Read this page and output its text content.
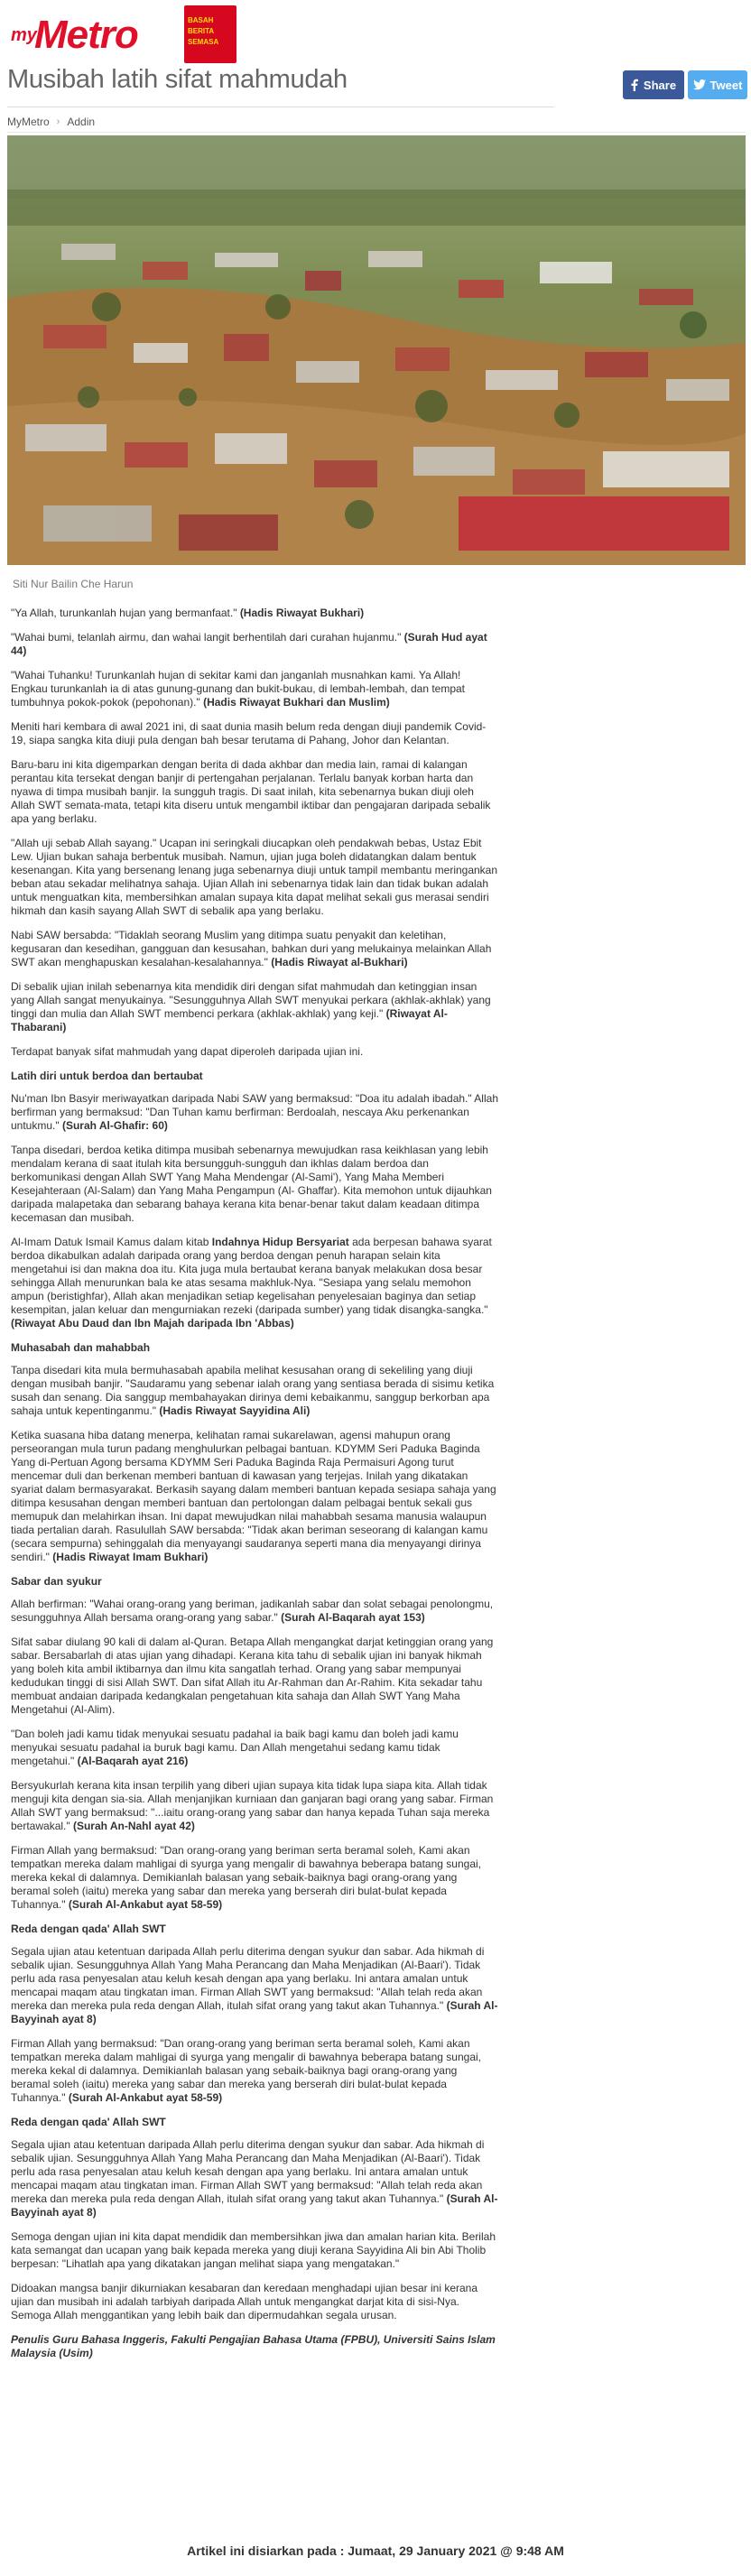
my
Metro	BASAH
BERITA
SEMASA
Musibah latih sifat mahmudah	Share	Tweet
MyMetro › Addin
Siti Nur Bailin Che Harun

"Ya Allah, turunkanlah hujan yang bermanfaat." (Hadis Riwayat Bukhari)

"Wahai bumi, telanlah airmu, dan wahai langit berhentilah dari curahan hujanmu." (Surah Hud ayat 44)

"Wahai Tuhanku! Turunkanlah hujan di sekitar kami dan janganlah musnahkan kami. Ya Allah! Engkau turunkanlah ia di atas gunung-gunang dan bukit-bukau, di lembah-lembah, dan tempat tumbuhnya pokok-pokok (pepohonan)." (Hadis Riwayat Bukhari dan Muslim)

Meniti hari kembara di awal 2021 ini, di saat dunia masih belum reda dengan diuji pandemik Covid-19, siapa sangka kita diuji pula dengan bah besar terutama di Pahang, Johor dan Kelantan.

Baru-baru ini kita digemparkan dengan berita di dada akhbar dan media lain, ramai di kalangan perantau kita tersekat dengan banjir di pertengahan perjalanan. Terlalu banyak korban harta dan nyawa di timpa musibah banjir. Ia sungguh tragis. Di saat inilah, kita sebenarnya bukan diuji oleh Allah SWT semata-mata, tetapi kita diseru untuk mengambil iktibar dan pengajaran daripada sebalik apa yang berlaku.

"Allah uji sebab Allah sayang." Ucapan ini seringkali diucapkan oleh pendakwah bebas, Ustaz Ebit Lew. Ujian bukan sahaja berbentuk musibah. Namun, ujian juga boleh didatangkan dalam bentuk kesenangan. Kita yang bersenang lenang juga sebenarnya diuji untuk tampil membantu meringankan beban atau sekadar melihatnya sahaja. Ujian Allah ini sebenarnya tidak lain dan tidak bukan adalah untuk menguatkan kita, membersihkan amalan supaya kita dapat melihat sekali gus merasai sendiri hikmah dan kasih sayang Allah SWT di sebalik apa yang berlaku.

Nabi SAW bersabda: "Tidaklah seorang Muslim yang ditimpa suatu penyakit dan keletihan, kegusaran dan kesedihan, gangguan dan kesusahan, bahkan duri yang melukainya melainkan Allah SWT akan menghapuskan kesalahan-kesalahannya." (Hadis Riwayat al-Bukhari)

Di sebalik ujian inilah sebenarnya kita mendidik diri dengan sifat mahmudah dan ketinggian insan yang Allah sangat menyukainya. "Sesungguhnya Allah SWT menyukai perkara (akhlak-akhlak) yang tinggi dan mulia dan Allah SWT membenci perkara (akhlak-akhlak) yang keji." (Riwayat Al-Thabarani)

Terdapat banyak sifat mahmudah yang dapat diperoleh daripada ujian ini.

Latih diri untuk berdoa dan bertaubat

Nu'man Ibn Basyir meriwayatkan daripada Nabi SAW yang bermaksud: "Doa itu adalah ibadah." Allah berfirman yang bermaksud: "Dan Tuhan kamu berfirman: Berdoalah, nescaya Aku perkenankan untukmu." (Surah Al-Ghafir: 60)

Tanpa disedari, berdoa ketika ditimpa musibah sebenarnya mewujudkan rasa keikhlasan yang lebih mendalam kerana di saat itulah kita bersungguh-sungguh dan ikhlas dalam berdoa dan berkomunikasi dengan Allah SWT Yang Maha Mendengar (Al-Sami'), Yang Maha Memberi Kesejahteraan (Al-Salam) dan Yang Maha Pengampun (Al- Ghaffar). Kita memohon untuk dijauhkan daripada malapetaka dan sebarang bahaya kerana kita benar-benar takut dalam keadaan ditimpa kecemasan dan musibah.

Al-Imam Datuk Ismail Kamus dalam kitab Indahnya Hidup Bersyariat ada berpesan bahawa syarat berdoa dikabulkan adalah daripada orang yang berdoa dengan penuh harapan selain kita mengetahui isi dan makna doa itu. Kita juga mula bertaubat kerana banyak melakukan dosa besar sehingga Allah menurunkan bala ke atas sesama makhluk-Nya. "Sesiapa yang selalu memohon ampun (beristighfar), Allah akan menjadikan setiap kegelisahan penyelesaian baginya dan setiap kesempitan, jalan keluar dan mengurniakan rezeki (daripada sumber) yang tidak disangka-sangka." (Riwayat Abu Daud dan Ibn Majah daripada Ibn 'Abbas)

Muhasabah dan mahabbah

Tanpa disedari kita mula bermuhasabah apabila melihat kesusahan orang di sekeliling yang diuji dengan musibah banjir. "Saudaramu yang sebenar ialah orang yang sentiasa berada di sisimu ketika susah dan senang. Dia sanggup membahayakan dirinya demi kebaikanmu, sanggup berkorban apa sahaja untuk kepentinganmu." (Hadis Riwayat Sayyidina Ali)

Ketika suasana hiba datang menerpa, kelihatan ramai sukarelawan, agensi mahupun orang perseorangan mula turun padang menghulurkan pelbagai bantuan. KDYMM Seri Paduka Baginda Yang di-Pertuan Agong bersama KDYMM Seri Paduka Baginda Raja Permaisuri Agong turut mencemar duli dan berkenan memberi bantuan di kawasan yang terjejas. Inilah yang dikatakan syariat dalam bermasyarakat. Berkasih sayang dalam memberi bantuan kepada sesiapa sahaja yang ditimpa kesusahan dengan memberi bantuan dan pertolongan dalam pelbagai bentuk sekali gus memupuk dan melahirkan ihsan. Ini dapat mewujudkan nilai mahabbah sesama manusia walaupun tiada pertalian darah. Rasulullah SAW bersabda: "Tidak akan beriman seseorang di kalangan kamu (secara sempurna) sehinggalah dia menyayangi saudaranya seperti mana dia menyayangi dirinya sendiri." (Hadis Riwayat Imam Bukhari)

Sabar dan syukur

Allah berfirman: "Wahai orang-orang yang beriman, jadikanlah sabar dan solat sebagai penolongmu, sesungguhnya Allah bersama orang-orang yang sabar." (Surah Al-Baqarah ayat 153)

Sifat sabar diulang 90 kali di dalam al-Quran. Betapa Allah mengangkat darjat ketinggian orang yang sabar. Bersabarlah di atas ujian yang dihadapi. Kerana kita tahu di sebalik ujian ini banyak hikmah yang boleh kita ambil iktibarnya dan ilmu kita sangatlah terhad. Orang yang sabar mempunyai kedudukan tinggi di sisi Allah SWT. Dan sifat Allah itu Ar-Rahman dan Ar-Rahim. Kita sekadar tahu membuat andaian daripada kedangkalan pengetahuan kita sahaja dan Allah SWT Yang Maha Mengetahui (Al-Alim).

"Dan boleh jadi kamu tidak menyukai sesuatu padahal ia baik bagi kamu dan boleh jadi kamu menyukai sesuatu padahal ia buruk bagi kamu. Dan Allah mengetahui sedang kamu tidak mengetahui." (Al-Baqarah ayat 216)

Bersyukurlah kerana kita insan terpilih yang diberi ujian supaya kita tidak lupa siapa kita. Allah tidak menguji kita dengan sia-sia. Allah menjanjikan kurniaan dan ganjaran bagi orang yang sabar. Firman Allah SWT yang bermaksud: "...iaitu orang-orang yang sabar dan hanya kepada Tuhan saja mereka bertawakal." (Surah An-Nahl ayat 42)

Firman Allah yang bermaksud: "Dan orang-orang yang beriman serta beramal soleh, Kami akan tempatkan mereka dalam mahligai di syurga yang mengalir di bawahnya beberapa batang sungai, mereka kekal di dalamnya. Demikianlah balasan yang sebaik-baiknya bagi orang-orang yang beramal soleh (iaitu) mereka yang sabar dan mereka yang berserah diri bulat-bulat kepada Tuhannya." (Surah Al-Ankabut ayat 58-59)

Reda dengan qada' Allah SWT

Segala ujian atau ketentuan daripada Allah perlu diterima dengan syukur dan sabar. Ada hikmah di sebalik ujian. Sesungguhnya Allah Yang Maha Perancang dan Maha Menjadikan (Al-Baari'). Tidak perlu ada rasa penyesalan atau keluh kesah dengan apa yang berlaku. Ini antara amalan untuk mencapai maqam atau tingkatan iman. Firman Allah SWT yang bermaksud: "Allah telah reda akan mereka dan mereka pula reda dengan Allah, itulah sifat orang yang takut akan Tuhannya." (Surah Al-Bayyinah ayat 8)

Firman Allah yang bermaksud: "Dan orang-orang yang beriman serta beramal soleh, Kami akan tempatkan mereka dalam mahligai di syurga yang mengalir di bawahnya beberapa batang sungai, mereka kekal di dalamnya. Demikianlah balasan yang sebaik-baiknya bagi orang-orang yang beramal soleh (iaitu) mereka yang sabar dan mereka yang berserah diri bulat-bulat kepada Tuhannya." (Surah Al-Ankabut ayat 58-59)

Reda dengan qada' Allah SWT

Segala ujian atau ketentuan daripada Allah perlu diterima dengan syukur dan sabar. Ada hikmah di sebalik ujian. Sesungguhnya Allah Yang Maha Perancang dan Maha Menjadikan (Al-Baari'). Tidak perlu ada rasa penyesalan atau keluh kesah dengan apa yang berlaku. Ini antara amalan untuk mencapai maqam atau tingkatan iman. Firman Allah SWT yang bermaksud: "Allah telah reda akan mereka dan mereka pula reda dengan Allah, itulah sifat orang yang takut akan Tuhannya." (Surah Al-Bayyinah ayat 8)

Semoga dengan ujian ini kita dapat mendidik dan membersihkan jiwa dan amalan harian kita. Berilah kata semangat dan ucapan yang baik kepada mereka yang diuji kerana Sayyidina Ali bin Abi Tholib berpesan: "Lihatlah apa yang dikatakan jangan melihat siapa yang mengatakan."

Didoakan mangsa banjir dikurniakan kesabaran dan keredaan menghadapi ujian besar ini kerana ujian dan musibah ini adalah tarbiyah daripada Allah untuk mengangkat darjat kita di sisi-Nya. Semoga Allah menggantikan yang lebih baik dan dipermudahkan segala urusan.

Penulis Guru Bahasa Inggeris, Fakulti Pengajian Bahasa Utama (FPBU), Universiti Sains Islam Malaysia (Usim)

Artikel ini disiarkan pada : Jumaat, 29 January 2021 @ 9:48 AM
